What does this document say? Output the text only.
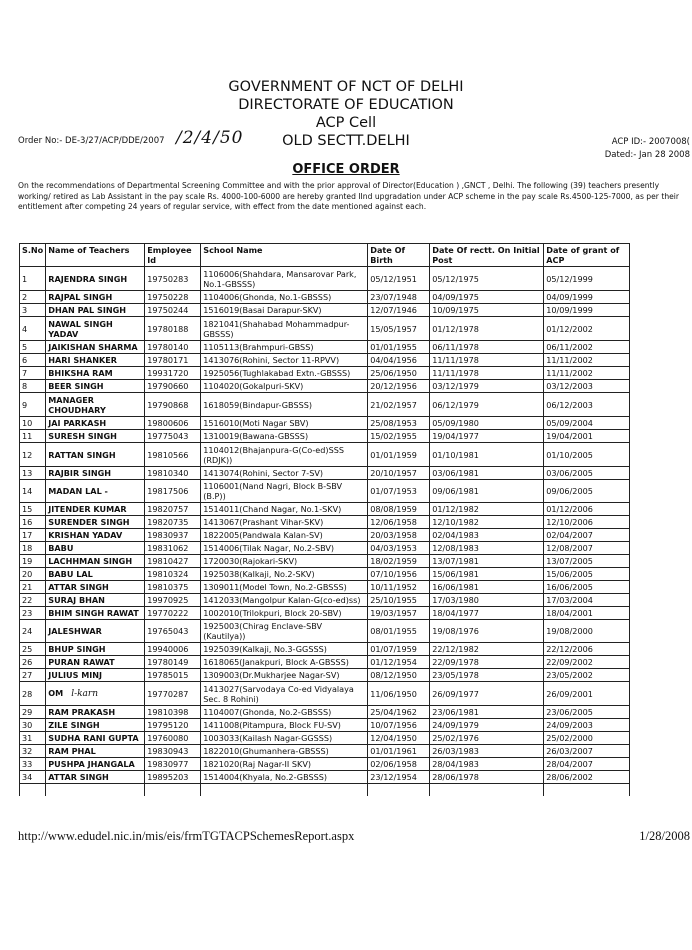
GOVERNMENT OF NCT OF DELHI
DIRECTORATE OF EDUCATION
ACP Cell
OLD SECTT.DELHI
Order No:- DE-3/27/ACP/DDE/2007 /2/4/50	ACP ID:- 2007008(
Dated:- Jan 28 2008
OFFICE ORDER
On the recommendations of Departmental Screening Committee and with the prior approval of Director(Education ) ,GNCT , Delhi. The following (39) teachers presently working/ retired as Lab Assistant in the pay scale Rs. 4000-100-6000 are hereby granted IInd upgradation under ACP scheme in the pay scale Rs.4500-125-7000, as per their entitlement after competing 24 years of regular service, with effect from the date mentioned against each.
S.No	Name of Teachers	Employee Id	School Name	Date Of Birth	Date Of rectt. On Initial Post	Date of grant of ACP
1	RAJENDRA SINGH	19750283	1106006(Shahdara, Mansarovar Park, No.1-GBSSS)	05/12/1951	05/12/1975	05/12/1999
2	RAJPAL SINGH	19750228	1104006(Ghonda, No.1-GBSSS)	23/07/1948	04/09/1975	04/09/1999
3	DHAN PAL SINGH	19750244	1516019(Basai Darapur-SKV)	12/07/1946	10/09/1975	10/09/1999
4	NAWAL SINGH YADAV	19780188	1821041(Shahabad Mohammadpur-GBSSS)	15/05/1957	01/12/1978	01/12/2002
5	JAIKISHAN SHARMA	19780140	1105113(Brahmpuri-GBSS)	01/01/1955	06/11/1978	06/11/2002
6	HARI SHANKER	19780171	1413076(Rohini, Sector 11-RPVV)	04/04/1956	11/11/1978	11/11/2002
7	BHIKSHA RAM	19931720	1925056(Tughlakabad Extn.-GBSSS)	25/06/1950	11/11/1978	11/11/2002
8	BEER SINGH	19790660	1104020(Gokalpuri-SKV)	20/12/1956	03/12/1979	03/12/2003
9	MANAGER CHOUDHARY	19790868	1618059(Bindapur-GBSSS)	21/02/1957	06/12/1979	06/12/2003
10	JAI PARKASH	19800606	1516010(Moti Nagar SBV)	25/08/1953	05/09/1980	05/09/2004
11	SURESH SINGH	19775043	1310019(Bawana-GBSSS)	15/02/1955	19/04/1977	19/04/2001
12	RATTAN SINGH	19810566	1104012(Bhajanpura-G(Co-ed)SSS (RDJK))	01/01/1959	01/10/1981	01/10/2005
13	RAJBIR SINGH	19810340	1413074(Rohini, Sector 7-SV)	20/10/1957	03/06/1981	03/06/2005
14	MADAN LAL -	19817506	1106001(Nand Nagri, Block B-SBV (B.P))	01/07/1953	09/06/1981	09/06/2005
15	JITENDER KUMAR	19820757	1514011(Chand Nagar, No.1-SKV)	08/08/1959	01/12/1982	01/12/2006
16	SURENDER SINGH	19820735	1413067(Prashant Vihar-SKV)	12/06/1958	12/10/1982	12/10/2006
17	KRISHAN YADAV	19830937	1822005(Pandwala Kalan-SV)	20/03/1958	02/04/1983	02/04/2007
18	BABU	19831062	1514006(Tilak Nagar, No.2-SBV)	04/03/1953	12/08/1983	12/08/2007
19	LACHHMAN SINGH	19810427	1720030(Rajokari-SKV)	18/02/1959	13/07/1981	13/07/2005
20	BABU LAL	19810324	1925038(Kalkaji, No.2-SKV)	07/10/1956	15/06/1981	15/06/2005
21	ATTAR SINGH	19810375	1309011(Model Town, No.2-GBSSS)	10/11/1952	16/06/1981	16/06/2005
22	SURAJ BHAN	19970925	1412033(Mangolpur Kalan-G(co-ed)ss)	25/10/1955	17/03/1980	17/03/2004
23	BHIM SINGH RAWAT	19770222	1002010(Trilokpuri, Block 20-SBV)	19/03/1957	18/04/1977	18/04/2001
24	JALESHWAR	19765043	1925003(Chirag Enclave-SBV (Kautilya))	08/01/1955	19/08/1976	19/08/2000
25	BHUP SINGH	19940006	1925039(Kalkaji, No.3-GGSSS)	01/07/1959	22/12/1982	22/12/2006
26	PURAN RAWAT	19780149	1618065(Janakpuri, Block A-GBSSS)	01/12/1954	22/09/1978	22/09/2002
27	JULIUS MINJ	19785015	1309003(Dr.Mukharjee Nagar-SV)	08/12/1950	23/05/1978	23/05/2002
28	OM l-karn	19770287	1413027(Sarvodaya Co-ed Vidyalaya Sec. 8 Rohini)	11/06/1950	26/09/1977	26/09/2001
29	RAM PRAKASH	19810398	1104007(Ghonda, No.2-GBSSS)	25/04/1962	23/06/1981	23/06/2005
30	ZILE SINGH	19795120	1411008(Pitampura, Block FU-SV)	10/07/1956	24/09/1979	24/09/2003
31	SUDHA RANI GUPTA	19760080	1003033(Kailash Nagar-GGSSS)	12/04/1950	25/02/1976	25/02/2000
32	RAM PHAL	19830943	1822010(Ghumanhera-GBSSS)	01/01/1961	26/03/1983	26/03/2007
33	PUSHPA JHANGALA	19830977	1821020(Raj Nagar-II SKV)	02/06/1958	28/04/1983	28/04/2007
34	ATTAR SINGH	19895203	1514004(Khyala, No.2-GBSSS)	23/12/1954	28/06/1978	28/06/2002

http://www.edudel.nic.in/mis/eis/frmTGTACPSchemesReport.aspx	1/28/2008
